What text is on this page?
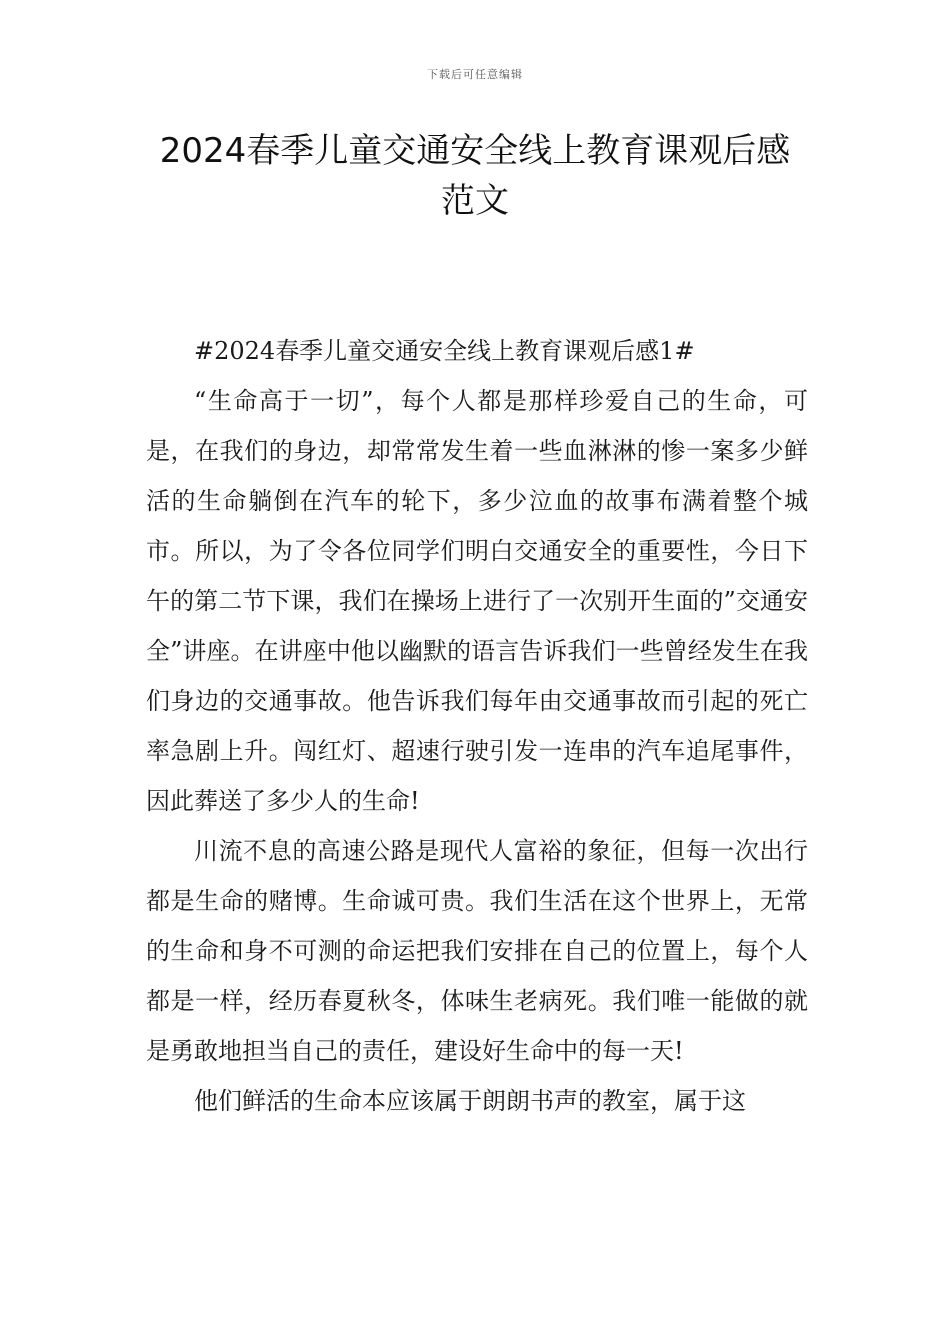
下载后可任意编辑
2024春季儿童交通安全线上教育课观后感
范文

#2024春季儿童交通安全线上教育课观后感1#

“生命高于一切”，每个人都是那样珍爱自己的生命，可是，在我们的身边，却常常发生着一些血淋淋的惨一案多少鲜活的生命躺倒在汽车的轮下，多少泣血的故事布满着整个城市。所以，为了令各位同学们明白交通安全的重要性，今日下午的第二节下课，我们在操场上进行了一次别开生面的”交通安全”讲座。在讲座中他以幽默的语言告诉我们一些曾经发生在我们身边的交通事故。他告诉我们每年由交通事故而引起的死亡率急剧上升。闯红灯、超速行驶引发一连串的汽车追尾事件，因此葬送了多少人的生命!

川流不息的高速公路是现代人富裕的象征，但每一次出行都是生命的赌博。生命诚可贵。我们生活在这个世界上，无常的生命和身不可测的命运把我们安排在自己的位置上，每个人都是一样，经历春夏秋冬，体味生老病死。我们唯一能做的就是勇敢地担当自己的责任，建设好生命中的每一天!

他们鲜活的生命本应该属于朗朗书声的教室，属于这
